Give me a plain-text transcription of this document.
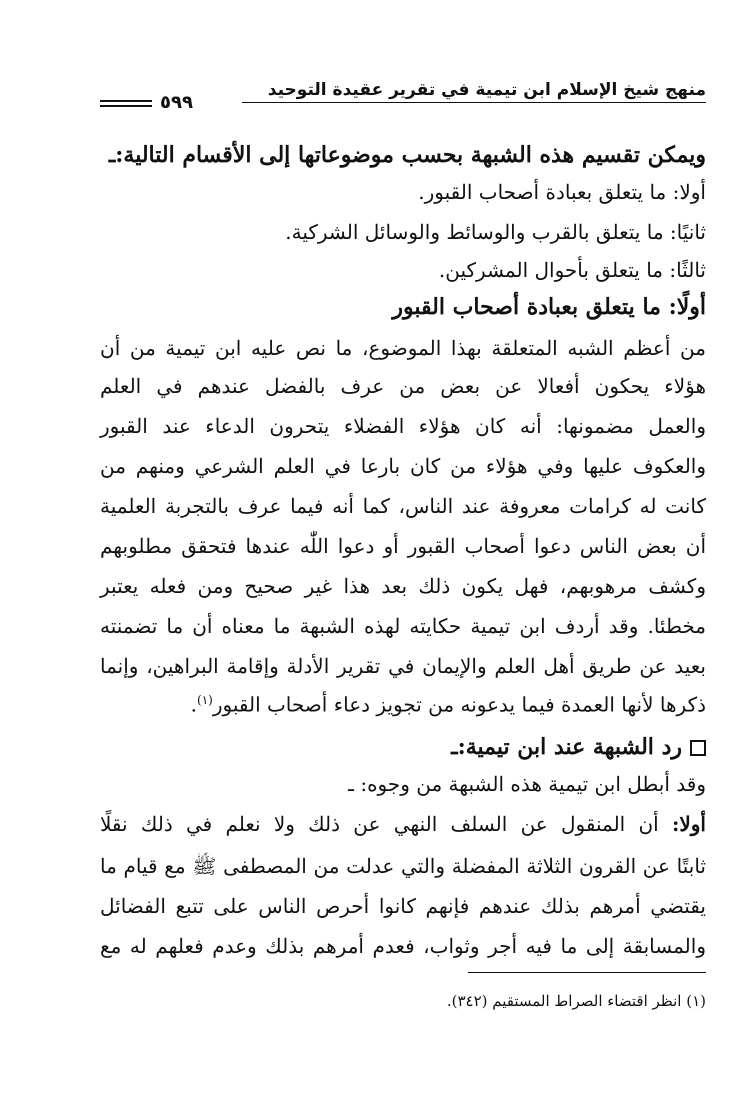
منهج شيخ الإسلام ابن تيمية في تقرير عقيدة التوحيد
٥٩٩
ويمكن تقسيم هذه الشبهة بحسب موضوعاتها إلى الأقسام التالية:ـ
أولا: ما يتعلق بعبادة أصحاب القبور.
ثانيًا: ما يتعلق بالقرب والوسائط والوسائل الشركية.
ثالثًا: ما يتعلق بأحوال المشركين.
أولًا: ما يتعلق بعبادة أصحاب القبور
من أعظم الشبه المتعلقة بهذا الموضوع، ما نص عليه ابن تيمية من أن
هؤلاء يحكون أفعالا عن بعض من عرف بالفضل عندهم في العلم
والعمل مضمونها: أنه كان هؤلاء الفضلاء يتحرون الدعاء عند القبور
والعكوف عليها وفي هؤلاء من كان بارعا في العلم الشرعي ومنهم من
كانت له كرامات معروفة عند الناس، كما أنه فيما عرف بالتجربة العلمية
أن بعض الناس دعوا أصحاب القبور أو دعوا اللّٰه عندها فتحقق مطلوبهم
وكشف مرهوبهم، فهل يكون ذلك بعد هذا غير صحيح ومن فعله يعتبر
مخطئا. وقد أردف ابن تيمية حكايته لهذه الشبهة ما معناه أن ما تضمنته
بعيد عن طريق أهل العلم والإيمان في تقرير الأدلة وإقامة البراهين، وإنما
ذكرها لأنها العمدة فيما يدعونه من تجويز دعاء أصحاب القبور$^{(١)}$.
رد الشبهة عند ابن تيمية:ـ
وقد أبطل ابن تيمية هذه الشبهة من وجوه: ـ
أولا: أن المنقول عن السلف النهي عن ذلك ولا نعلم في ذلك نقلًا
ثابتًا عن القرون الثلاثة المفضلة والتي عدلت من المصطفى ﷺ مع قيام ما
يقتضي أمرهم بذلك عندهم فإنهم كانوا أحرص الناس على تتبع الفضائل
والمسابقة إلى ما فيه أجر وثواب، فعدم أمرهم بذلك وعدم فعلهم له مع
(١) انظر اقتضاء الصراط المستقيم (٣٤٢).
